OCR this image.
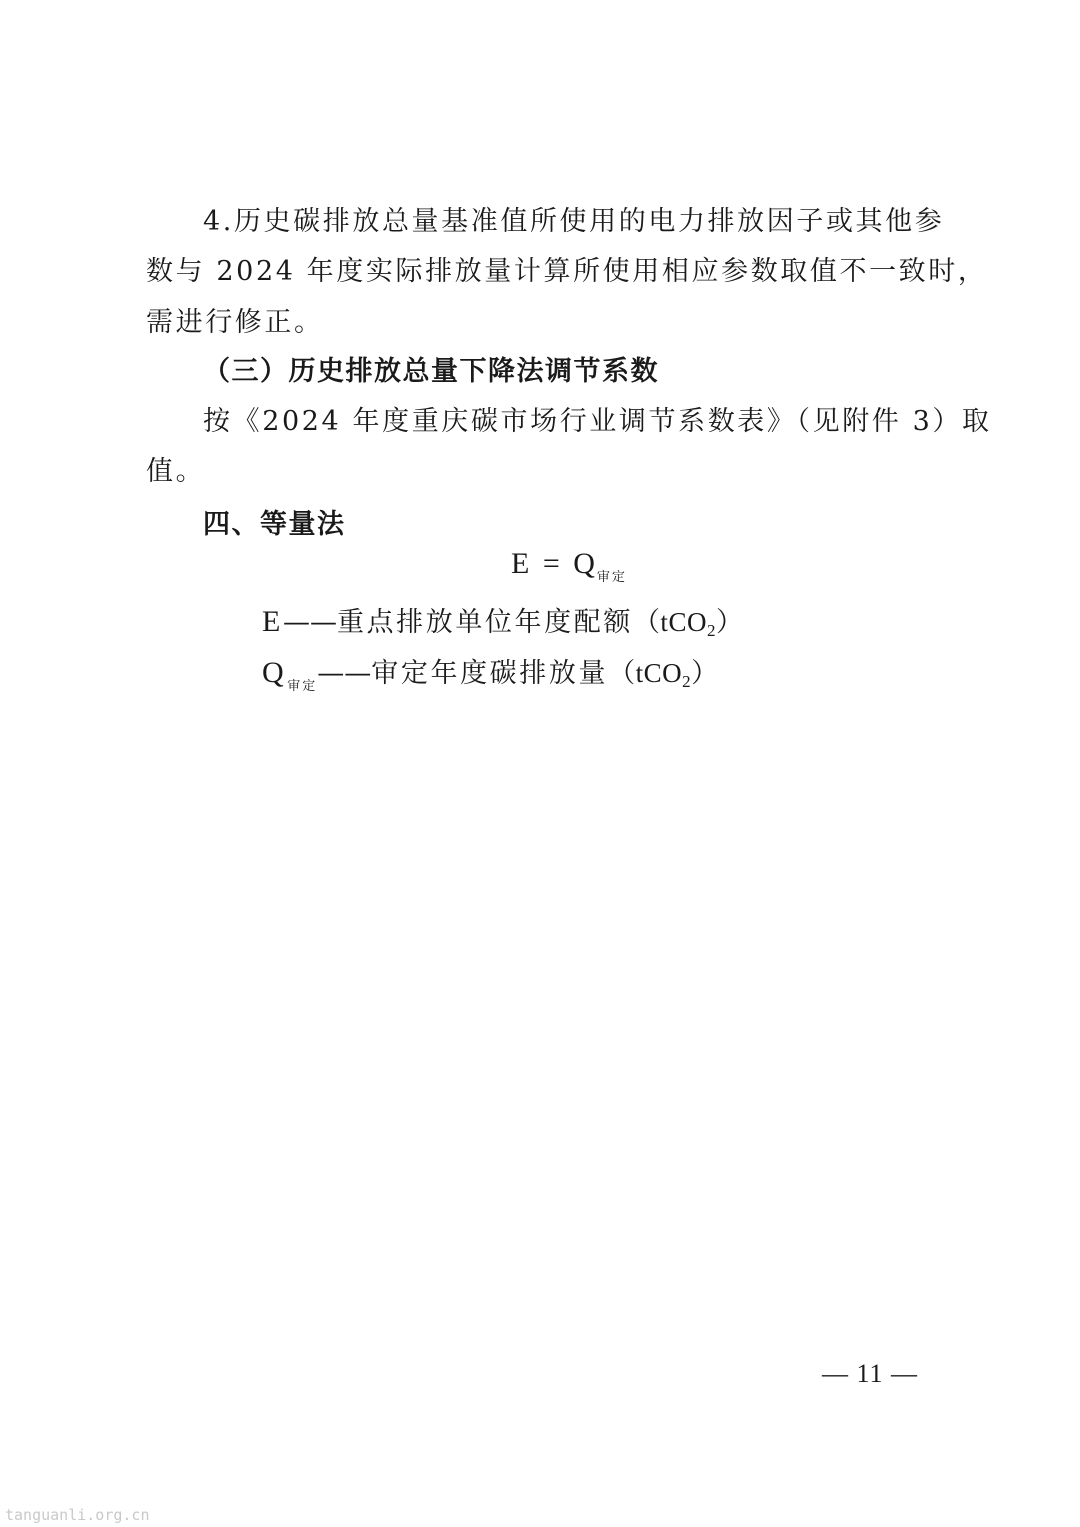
4.历史碳排放总量基准值所使用的电力排放因子或其他参
数与 2024 年度实际排放量计算所使用相应参数取值不一致时，
需进行修正。
（三）历史排放总量下降法调节系数
按《2024 年度重庆碳市场行业调节系数表》（见附件 3）取
值。
四、等量法
E = Q $_{审定}$
E——重点排放单位年度配额（tCO$_2$）
$Q_{审定}——$审定年度碳排放量（tCO$_2$）
— 11 —
tanguanli.org.cn
